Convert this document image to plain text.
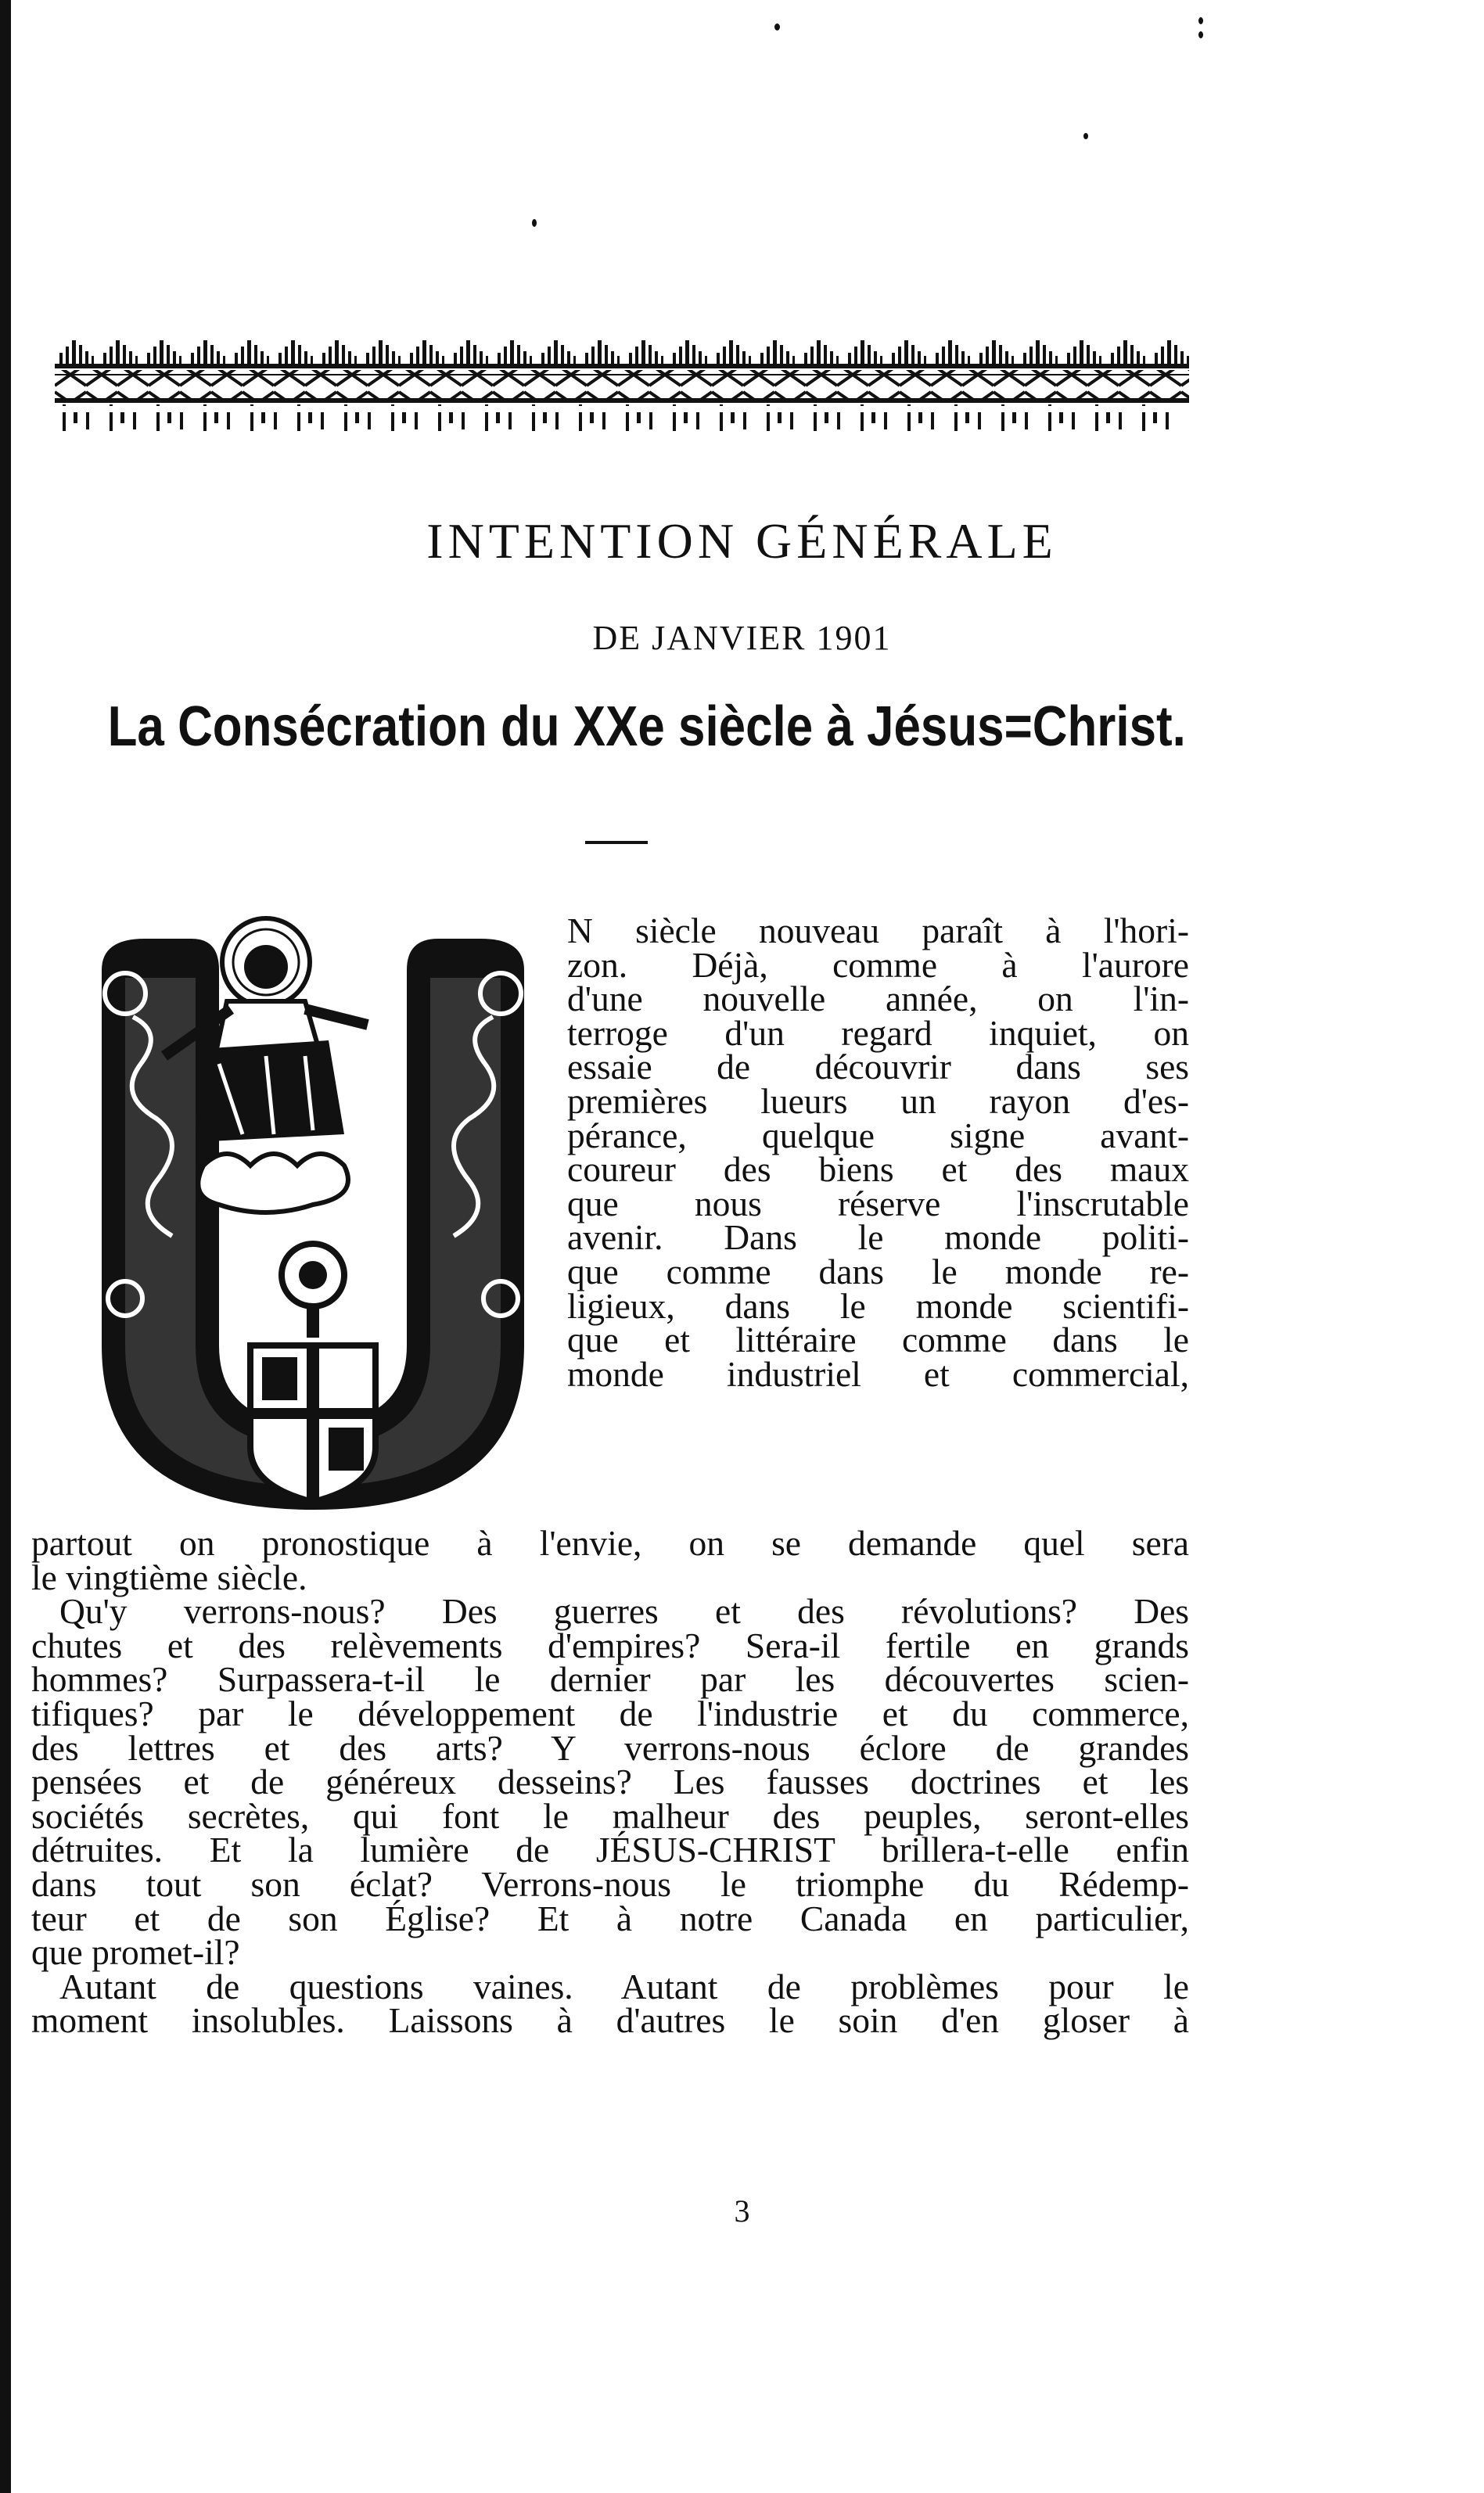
INTENTION GÉNÉRALE
DE JANVIER 1901
La Consécration du XXe siècle à Jésus=Christ.
N siècle nouveau paraît à l'hori-
zon. Déjà, comme à l'aurore
d'une nouvelle année, on l'in-
terroge d'un regard inquiet, on
essaie de découvrir dans ses
premières lueurs un rayon d'es-
pérance, quelque signe avant-
coureur des biens et des maux
que nous réserve l'inscrutable
avenir. Dans le monde politi-
que comme dans le monde re-
ligieux, dans le monde scientifi-
que et littéraire comme dans le
monde industriel et commercial,
partout on pronostique à l'envie, on se demande quel sera
le vingtième siècle.
Qu'y verrons-nous? Des guerres et des révolutions? Des
chutes et des relèvements d'empires? Sera-il fertile en grands
hommes? Surpassera-t-il le dernier par les découvertes scien-
tifiques? par le développement de l'industrie et du commerce,
des lettres et des arts? Y verrons-nous éclore de grandes
pensées et de généreux desseins? Les fausses doctrines et les
sociétés secrètes, qui font le malheur des peuples, seront-elles
détruites. Et la lumière de JÉSUS-CHRIST brillera-t-elle enfin
dans tout son éclat? Verrons-nous le triomphe du Rédemp-
teur et de son Église? Et à notre Canada en particulier,
que promet-il?
Autant de questions vaines. Autant de problèmes pour le
moment insolubles. Laissons à d'autres le soin d'en gloser à
3
